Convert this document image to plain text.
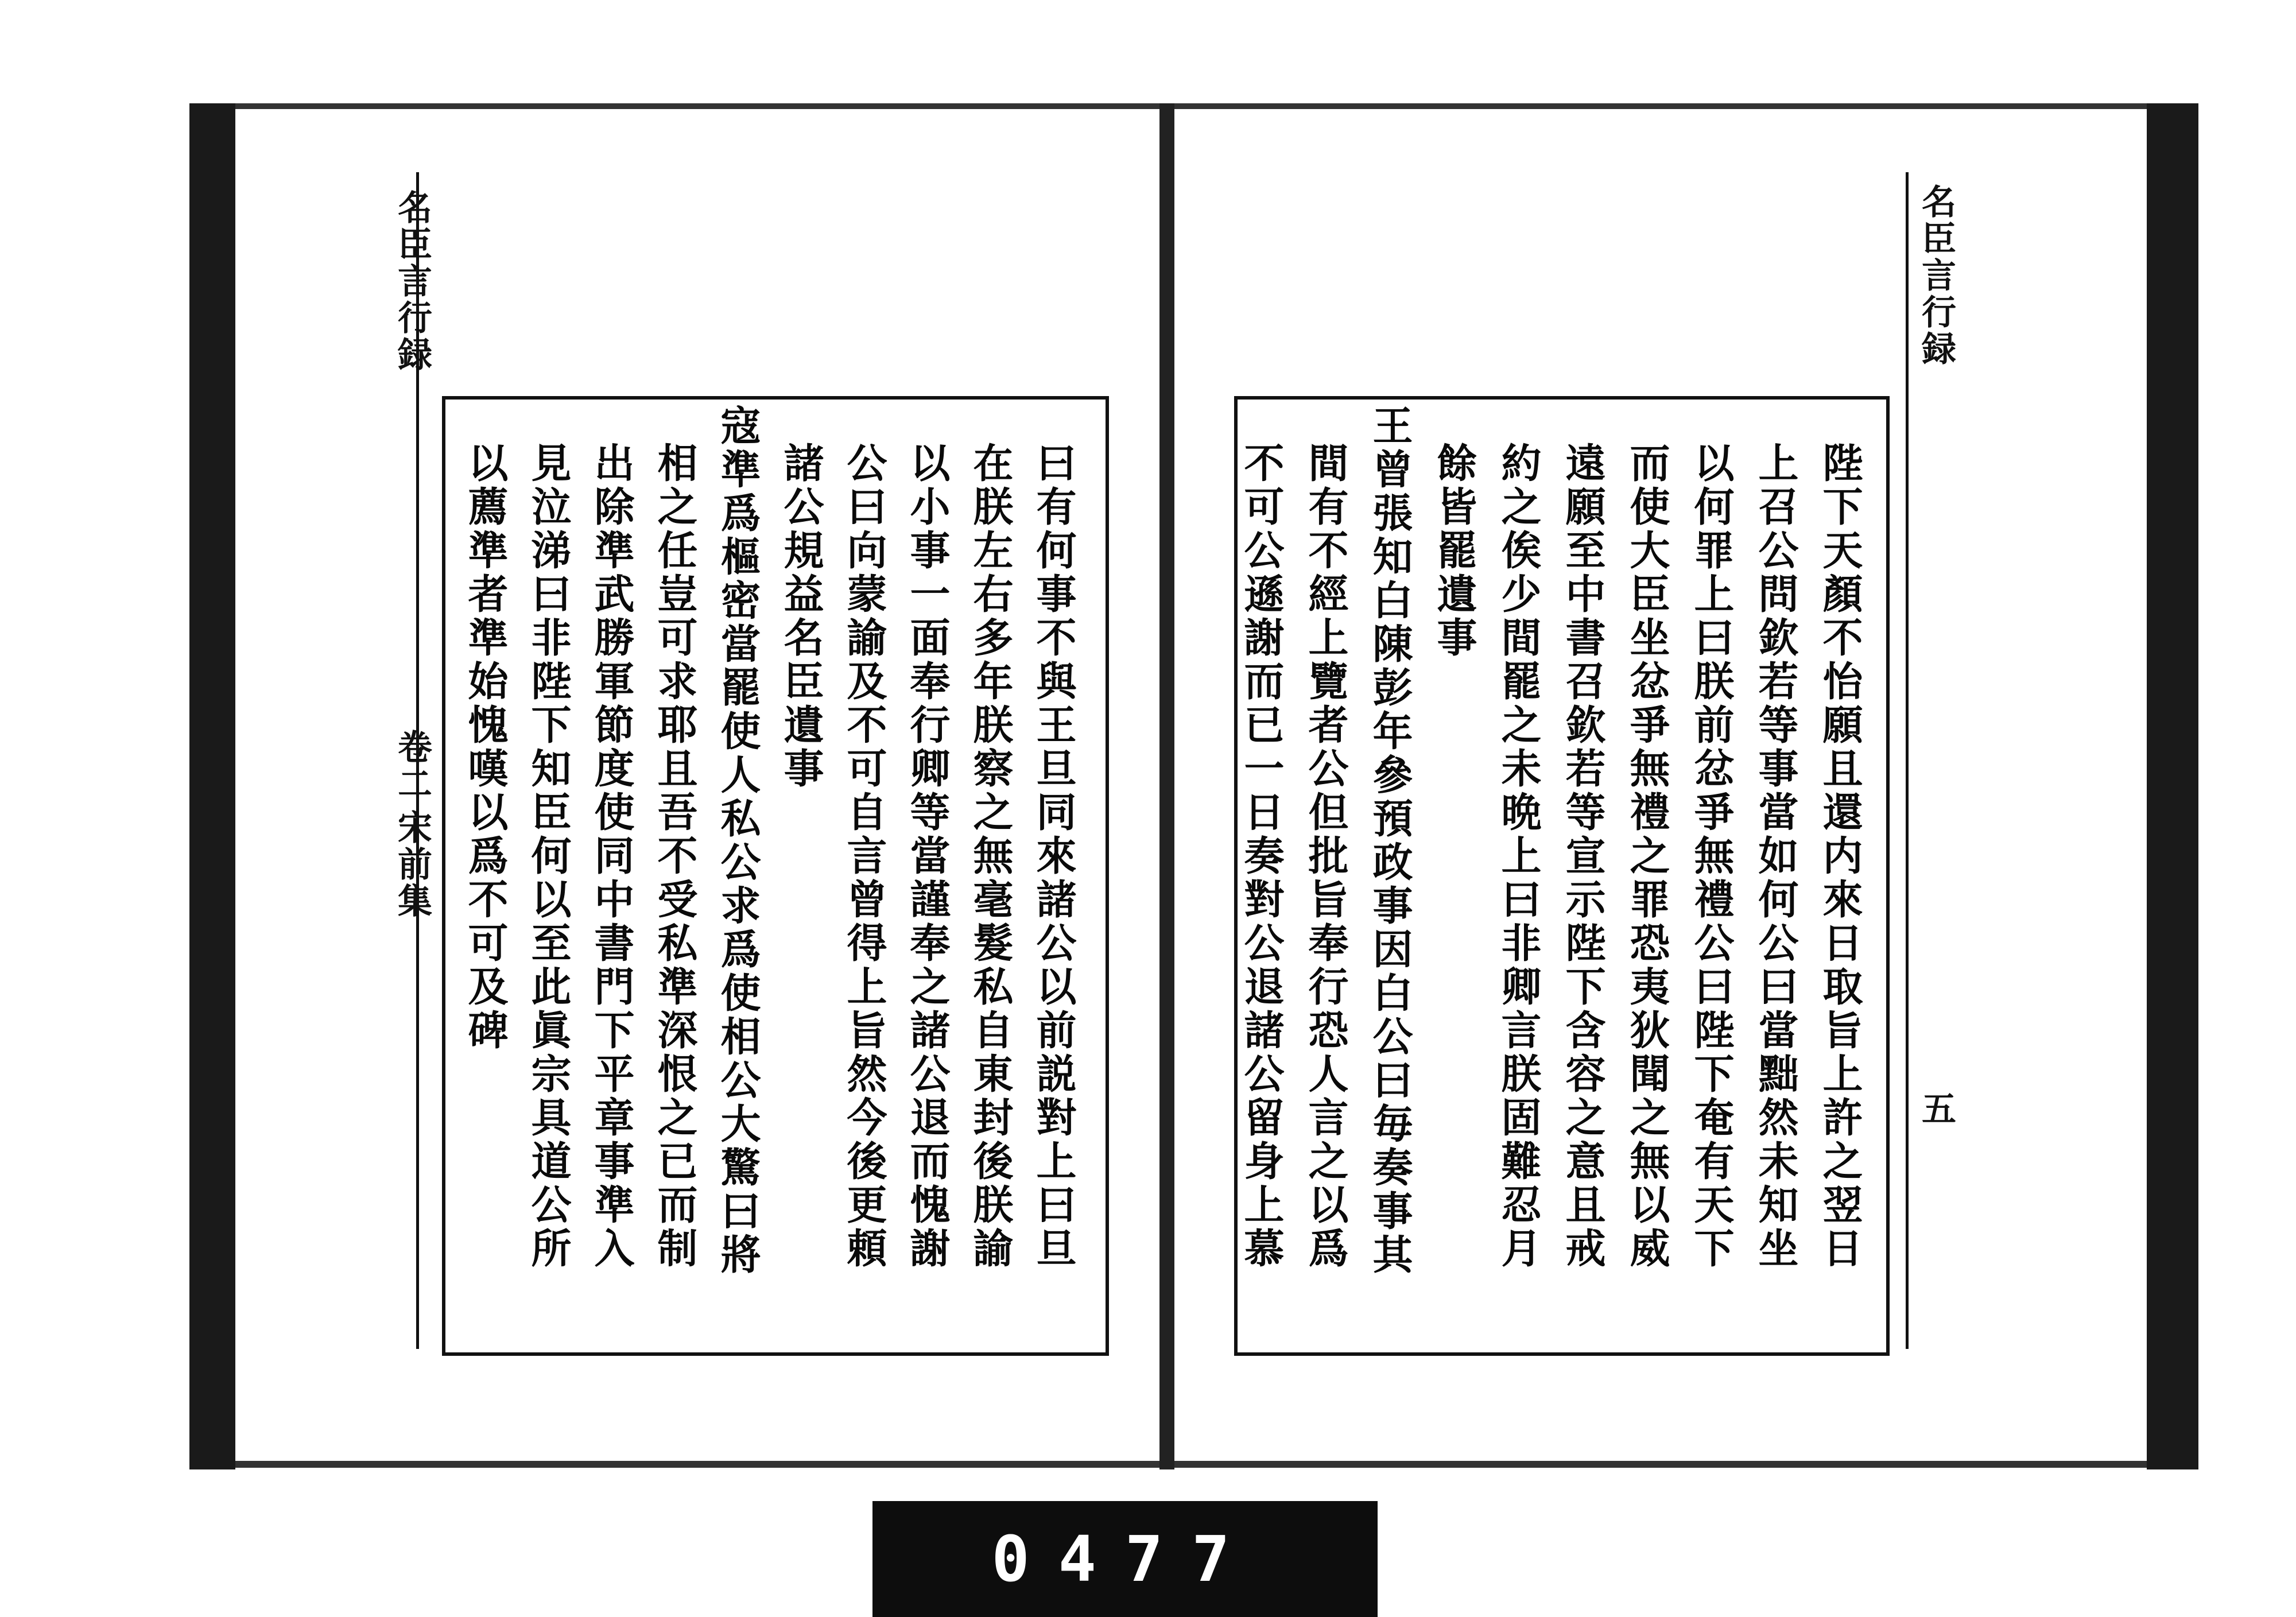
名臣言行録
卷二
宋前集
名臣言行録
五
陛下天顏不怡願且還内來日取旨上許之翌日
上召公問欽若等事當如何公曰當黜然未知坐
以何罪上曰朕前忿爭無禮公曰陛下奄有天下
而使大臣坐忿爭無禮之罪恐夷狄聞之無以威
遠願至中書召欽若等宣示陛下含容之意且戒
約之俟少間罷之未晩上曰非卿言朕固難忍月
餘皆罷遺事
王曾張知白陳彭年參預政事因白公曰毎奏事其
間有不經上覽者公但批旨奉行恐人言之以爲
不可公遜謝而已一日奏對公退諸公留身上慕
曰有何事不與王旦同來諸公以前説對上曰旦
在朕左右多年朕察之無毫髮私自東封後朕諭
以小事一面奉行卿等當謹奉之諸公退而愧謝
公曰向蒙諭及不可自言曾得上旨然今後更頼
諸公規益名臣遺事
寇準爲樞密當罷使人私公求爲使相公大驚曰將
相之任豈可求耶且吾不受私準深恨之已而制
出除準武勝軍節度使同中書門下平章事準入
見泣涕曰非陛下知臣何以至此眞宗具道公所
以薦準者準始愧嘆以爲不可及碑
0477
